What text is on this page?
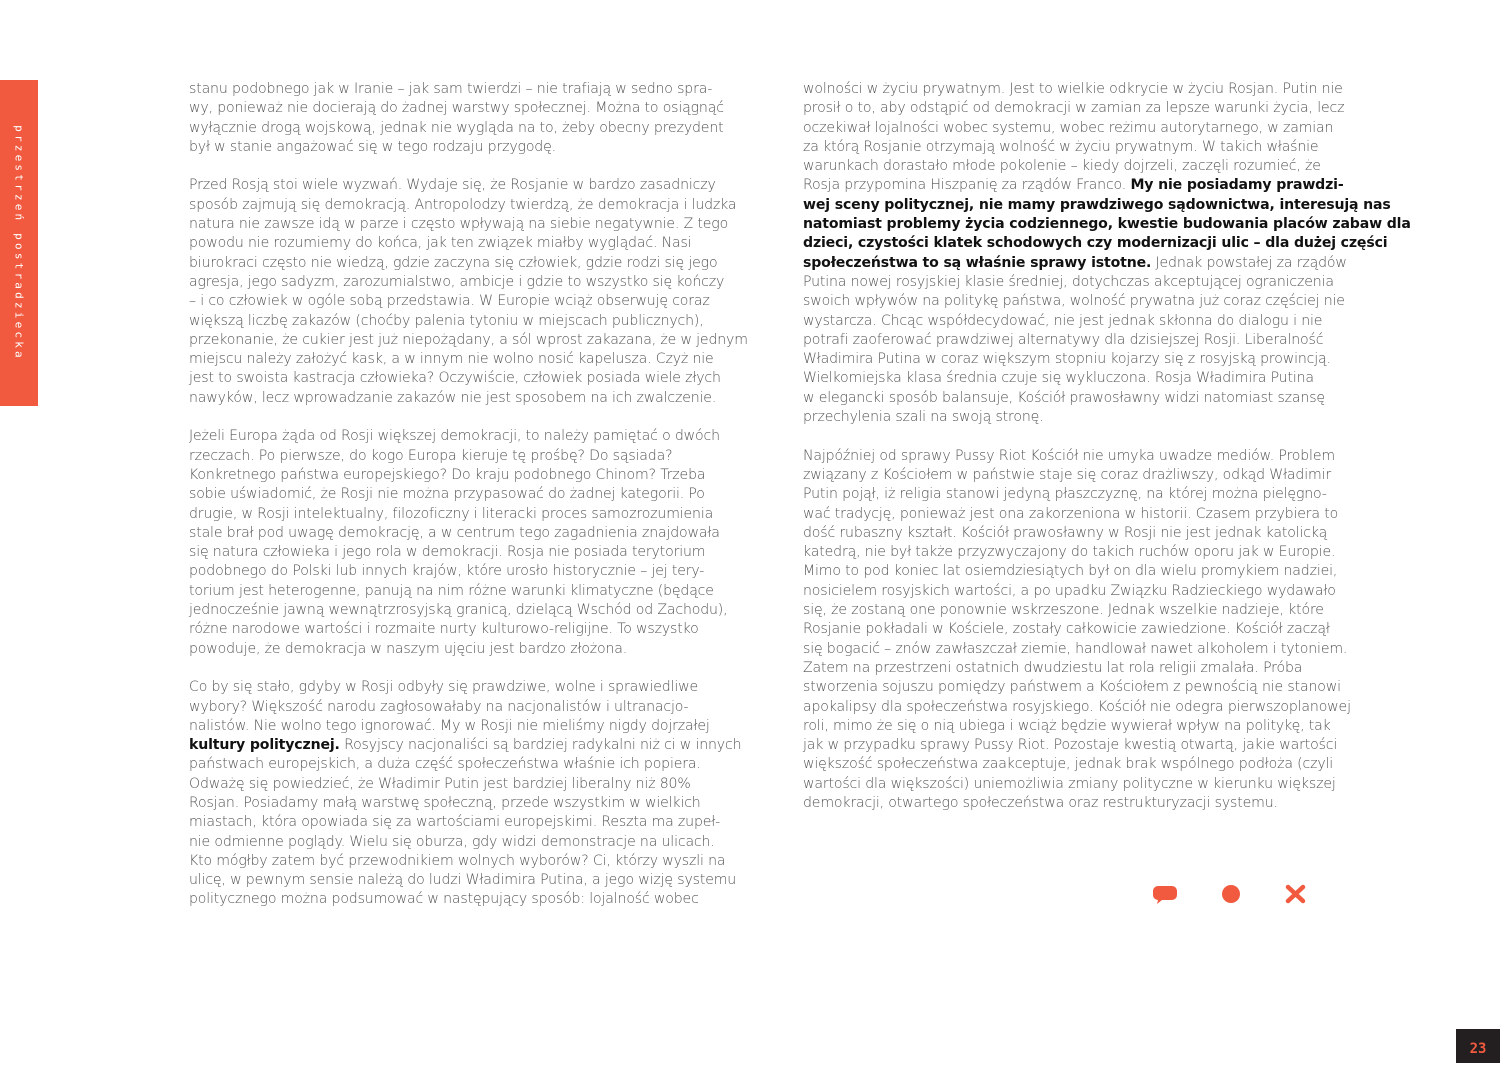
przestrzeń postradziecka

stanu podobnego jak w Iranie – jak sam twierdzi – nie trafiają w sedno spra-
wy, ponieważ nie docierają do żadnej warstwy społecznej. Można to osiągnąć
wyłącznie drogą wojskową, jednak nie wygląda na to, żeby obecny prezydent
był w stanie angażować się w tego rodzaju przygodę.

Przed Rosją stoi wiele wyzwań. Wydaje się, że Rosjanie w bardzo zasadniczy
sposób zajmują się demokracją. Antropolodzy twierdzą, że demokracja i ludzka
natura nie zawsze idą w parze i często wpływają na siebie negatywnie. Z tego
powodu nie rozumiemy do końca, jak ten związek miałby wyglądać. Nasi
biurokraci często nie wiedzą, gdzie zaczyna się człowiek, gdzie rodzi się jego
agresja, jego sadyzm, zarozumialstwo, ambicje i gdzie to wszystko się kończy
– i co człowiek w ogóle sobą przedstawia. W Europie wciąż obserwuję coraz
większą liczbę zakazów (choćby palenia tytoniu w miejscach publicznych),
przekonanie, że cukier jest już niepożądany, a sól wprost zakazana, że w jednym
miejscu należy założyć kask, a w innym nie wolno nosić kapelusza. Czyż nie
jest to swoista kastracja człowieka? Oczywiście, człowiek posiada wiele złych
nawyków, lecz wprowadzanie zakazów nie jest sposobem na ich zwalczenie.

Jeżeli Europa żąda od Rosji większej demokracji, to należy pamiętać o dwóch
rzeczach. Po pierwsze, do kogo Europa kieruje tę prośbę? Do sąsiada?
Konkretnego państwa europejskiego? Do kraju podobnego Chinom? Trzeba
sobie uświadomić, że Rosji nie można przypasować do żadnej kategorii. Po
drugie, w Rosji intelektualny, filozoficzny i literacki proces samozrozumienia
stale brał pod uwagę demokrację, a w centrum tego zagadnienia znajdowała
się natura człowieka i jego rola w demokracji. Rosja nie posiada terytorium
podobnego do Polski lub innych krajów, które urosło historycznie – jej tery-
torium jest heterogenne, panują na nim różne warunki klimatyczne (będące
jednocześnie jawną wewnątrzrosyjską granicą, dzielącą Wschód od Zachodu),
różne narodowe wartości i rozmaite nurty kulturowo-religijne. To wszystko
powoduje, że demokracja w naszym ujęciu jest bardzo złożona.

Co by się stało, gdyby w Rosji odbyły się prawdziwe, wolne i sprawiedliwe
wybory? Większość narodu zagłosowałaby na nacjonalistów i ultranacjo-
nalistów. Nie wolno tego ignorować. My w Rosji nie mieliśmy nigdy dojrzałej
kultury politycznej. Rosyjscy nacjonaliści są bardziej radykalni niż ci w innych
państwach europejskich, a duża część społeczeństwa właśnie ich popiera.
Odważę się powiedzieć, że Władimir Putin jest bardziej liberalny niż 80%
Rosjan. Posiadamy małą warstwę społeczną, przede wszystkim w wielkich
miastach, która opowiada się za wartościami europejskimi. Reszta ma zupeł-
nie odmienne poglądy. Wielu się oburza, gdy widzi demonstracje na ulicach.
Kto mógłby zatem być przewodnikiem wolnych wyborów? Ci, którzy wyszli na
ulicę, w pewnym sensie należą do ludzi Władimira Putina, a jego wizję systemu
politycznego można podsumować w następujący sposób: lojalność wobec

wolności w życiu prywatnym. Jest to wielkie odkrycie w życiu Rosjan. Putin nie
prosił o to, aby odstąpić od demokracji w zamian za lepsze warunki życia, lecz
oczekiwał lojalności wobec systemu, wobec reżimu autorytarnego, w zamian
za którą Rosjanie otrzymają wolność w życiu prywatnym. W takich właśnie
warunkach dorastało młode pokolenie – kiedy dojrzeli, zaczęli rozumieć, że
Rosja przypomina Hiszpanię za rządów Franco. My nie posiadamy prawdzi-
wej sceny politycznej, nie mamy prawdziwego sądownictwa, interesują nas
natomiast problemy życia codziennego, kwestie budowania placów zabaw dla
dzieci, czystości klatek schodowych czy modernizacji ulic – dla dużej części
społeczeństwa to są właśnie sprawy istotne. Jednak powstałej za rządów
Putina nowej rosyjskiej klasie średniej, dotychczas akceptującej ograniczenia
swoich wpływów na politykę państwa, wolność prywatna już coraz częściej nie
wystarcza. Chcąc współdecydować, nie jest jednak skłonna do dialogu i nie
potrafi zaoferować prawdziwej alternatywy dla dzisiejszej Rosji. Liberalność
Władimira Putina w coraz większym stopniu kojarzy się z rosyjską prowincją.
Wielkomiejska klasa średnia czuje się wykluczona. Rosja Władimira Putina
w elegancki sposób balansuje, Kościół prawosławny widzi natomiast szansę
przechylenia szali na swoją stronę.

Najpóźniej od sprawy Pussy Riot Kościół nie umyka uwadze mediów. Problem
związany z Kościołem w państwie staje się coraz drażliwszy, odkąd Władimir
Putin pojął, iż religia stanowi jedyną płaszczyznę, na której można pielęgno-
wać tradycję, ponieważ jest ona zakorzeniona w historii. Czasem przybiera to
dość rubaszny kształt. Kościół prawosławny w Rosji nie jest jednak katolicką
katedrą, nie był także przyzwyczajony do takich ruchów oporu jak w Europie.
Mimo to pod koniec lat osiemdziesiątych był on dla wielu promykiem nadziei,
nosicielem rosyjskich wartości, a po upadku Związku Radzieckiego wydawało
się, że zostaną one ponownie wskrzeszone. Jednak wszelkie nadzieje, które
Rosjanie pokładali w Kościele, zostały całkowicie zawiedzione. Kościół zaczął
się bogacić – znów zawłaszczał ziemie, handlował nawet alkoholem i tytoniem.
Zatem na przestrzeni ostatnich dwudziestu lat rola religii zmalała. Próba
stworzenia sojuszu pomiędzy państwem a Kościołem z pewnością nie stanowi
apokalipsy dla społeczeństwa rosyjskiego. Kościół nie odegra pierwszoplanowej
roli, mimo że się o nią ubiega i wciąż będzie wywierał wpływ na politykę, tak
jak w przypadku sprawy Pussy Riot. Pozostaje kwestią otwartą, jakie wartości
większość społeczeństwa zaakceptuje, jednak brak wspólnego podłoża (czyli
wartości dla większości) uniemożliwia zmiany polityczne w kierunku większej
demokracji, otwartego społeczeństwa oraz restrukturyzacji systemu.

23
